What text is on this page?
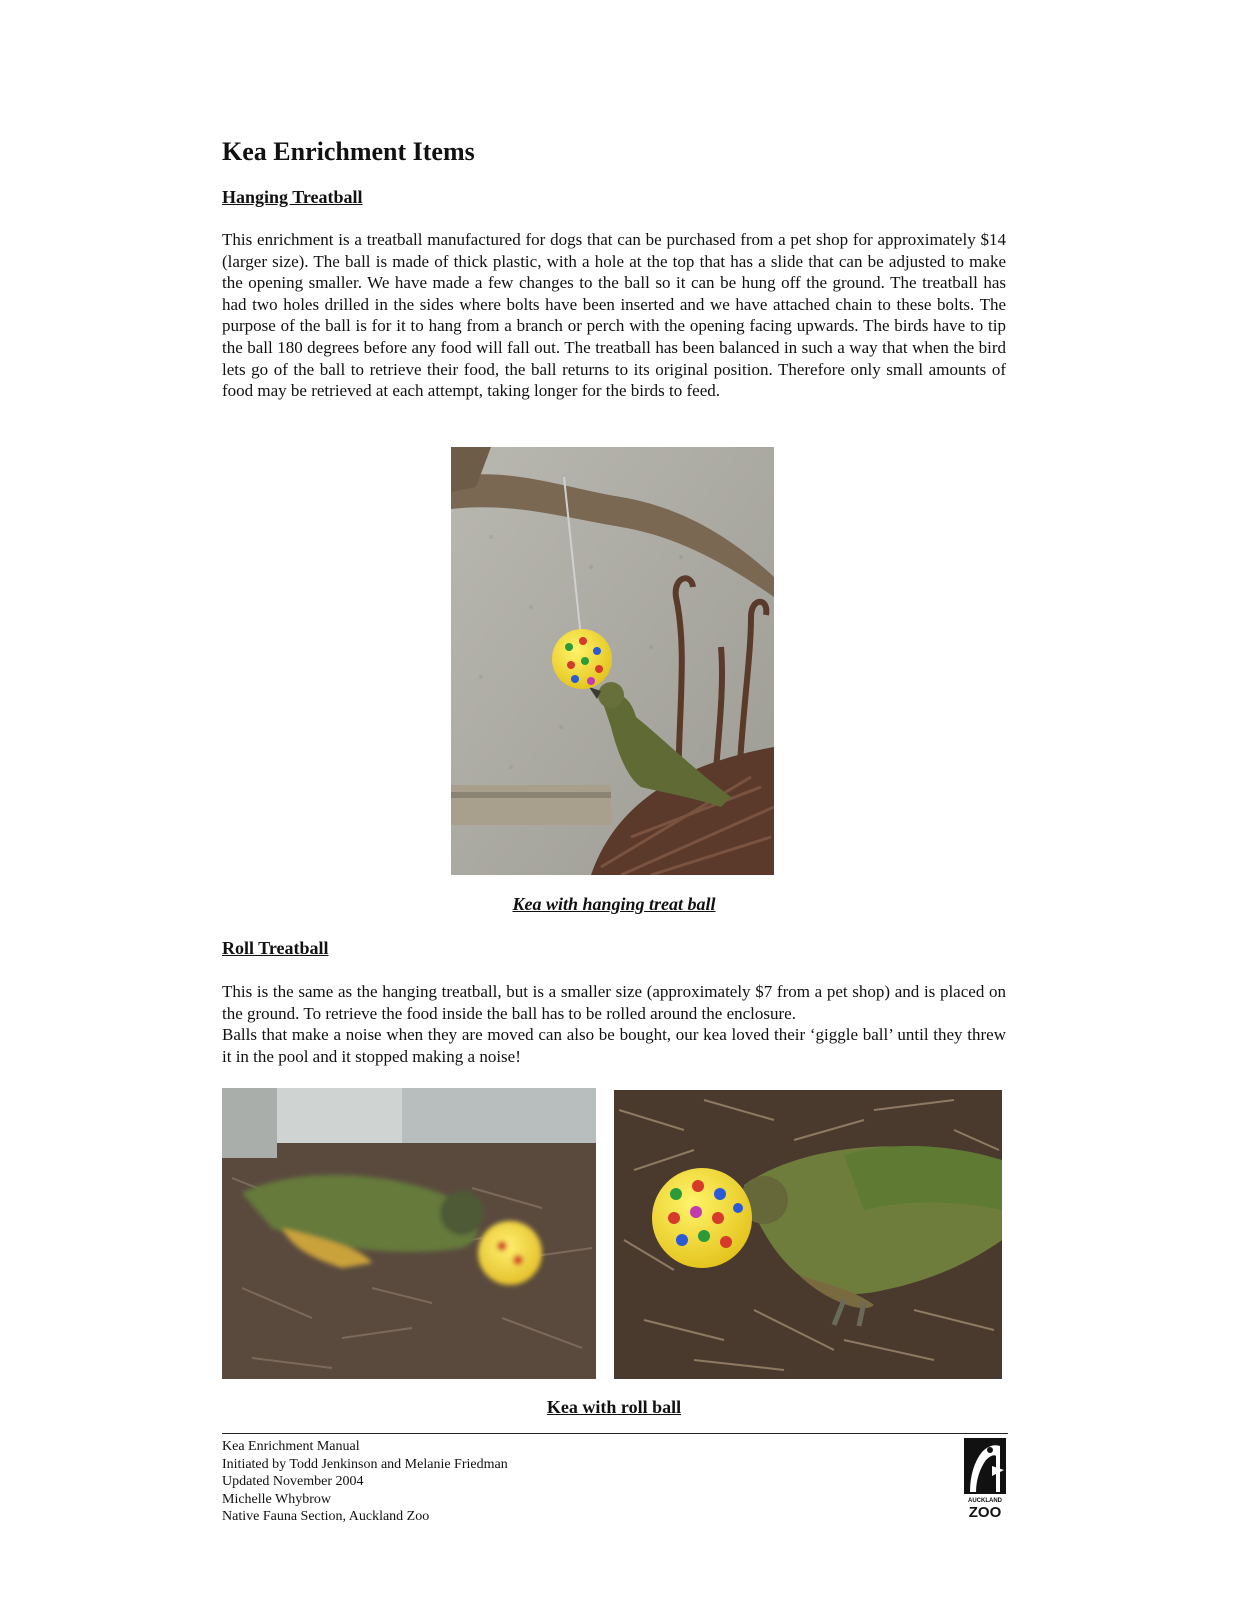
Kea Enrichment Items
Hanging Treatball

This enrichment is a treatball manufactured for dogs that can be purchased from a pet shop for approximately $14 (larger size). The ball is made of thick plastic, with a hole at the top that has a slide that can be adjusted to make the opening smaller. We have made a few changes to the ball so it can be hung off the ground. The treatball has had two holes drilled in the sides where bolts have been inserted and we have attached chain to these bolts. The purpose of the ball is for it to hang from a branch or perch with the opening facing upwards. The birds have to tip the ball 180 degrees before any food will fall out. The treatball has been balanced in such a way that when the bird lets go of the ball to retrieve their food, the ball returns to its original position. Therefore only small amounts of food may be retrieved at each attempt, taking longer for the birds to feed.

Kea with hanging treat ball
Roll Treatball

This is the same as the hanging treatball, but is a smaller size (approximately $7 from a pet shop) and is placed on the ground. To retrieve the food inside the ball has to be rolled around the enclosure.

Balls that make a noise when they are moved can also be bought, our kea loved their ‘giggle ball’ until they threw it in the pool and it stopped making a noise!

Kea with roll ball
Kea Enrichment Manual
Initiated by Todd Jenkinson and Melanie Friedman
Updated November 2004
Michelle Whybrow
Native Fauna Section, Auckland Zoo
AUCKLAND
ZOO
